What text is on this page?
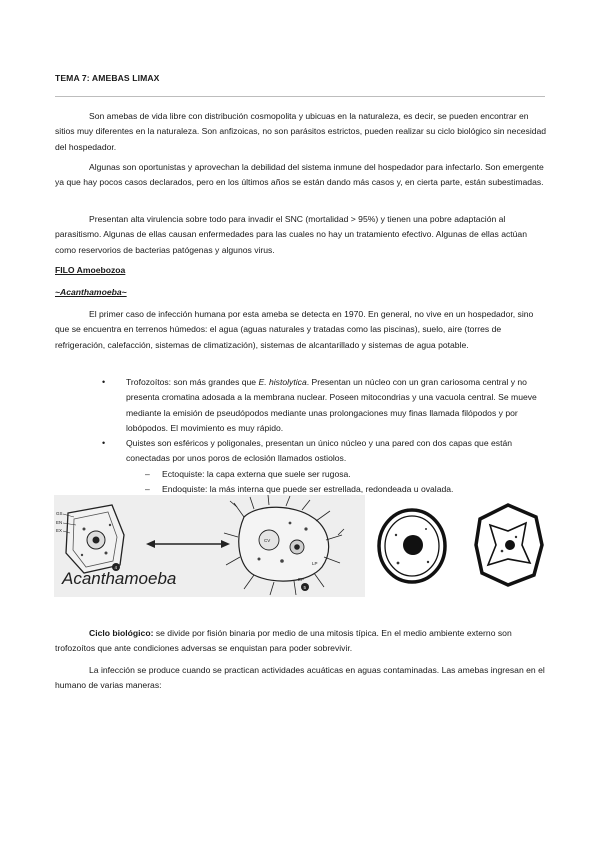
TEMA 7: AMEBAS LIMAX

Son amebas de vida libre con distribución cosmopolita y ubicuas en la naturaleza, es decir, se pueden encontrar en sitios muy diferentes en la naturaleza. Son anfizoicas, no son parásitos estrictos, pueden realizar su ciclo biológico sin necesidad del hospedador.

Algunas son oportunistas y aprovechan la debilidad del sistema inmune del hospedador para infectarlo. Son emergente ya que hay pocos casos declarados, pero en los últimos años se están dando más casos y, en cierta parte, están subestimadas.

Presentan alta virulencia sobre todo para invadir el SNC (mortalidad > 95%) y tienen una pobre adaptación al parasitismo. Algunas de ellas causan enfermedades para las cuales no hay un tratamiento efectivo. Algunas de ellas actúan como reservorios de bacterias patógenas y algunos virus.

FILO Amoebozoa
~Acanthamoeba~

El primer caso de infección humana por esta ameba se detecta en 1970. En general, no vive en un hospedador, sino que se encuentra en terrenos húmedos: el agua (aguas naturales y tratadas como las piscinas), suelo, aire (torres de refrigeración, calefacción, sistemas de climatización), sistemas de alcantarillado y sistemas de agua potable.

• Trofozoítos: son más grandes que E. histolytica. Presentan un núcleo con un gran cariosoma central y no presenta cromatina adosada a la membrana nuclear. Poseen mitocondrias y una vacuola central. Se mueve mediante la emisión de pseudópodos mediante unas prolongaciones muy finas llamada filópodos y por lobópodos. El movimiento es muy rápido.
• Quistes son esféricos y poligonales, presentan un único núcleo y una pared con dos capas que están conectadas por unos poros de eclosión llamados ostiolos.
– Ectoquiste: la capa externa que suele ser rugosa.
– Endoquiste: la más interna que puede ser estrellada, redondeada u ovalada.
GS
EN
EX
4
CV
LP
EP
5
Acanthamoeba

Ciclo biológico: se divide por fisión binaria por medio de una mitosis típica. En el medio ambiente externo son trofozoítos que ante condiciones adversas se enquistan para poder sobrevivir.

La infección se produce cuando se practican actividades acuáticas en aguas contaminadas. Las amebas ingresan en el humano de varias maneras:
